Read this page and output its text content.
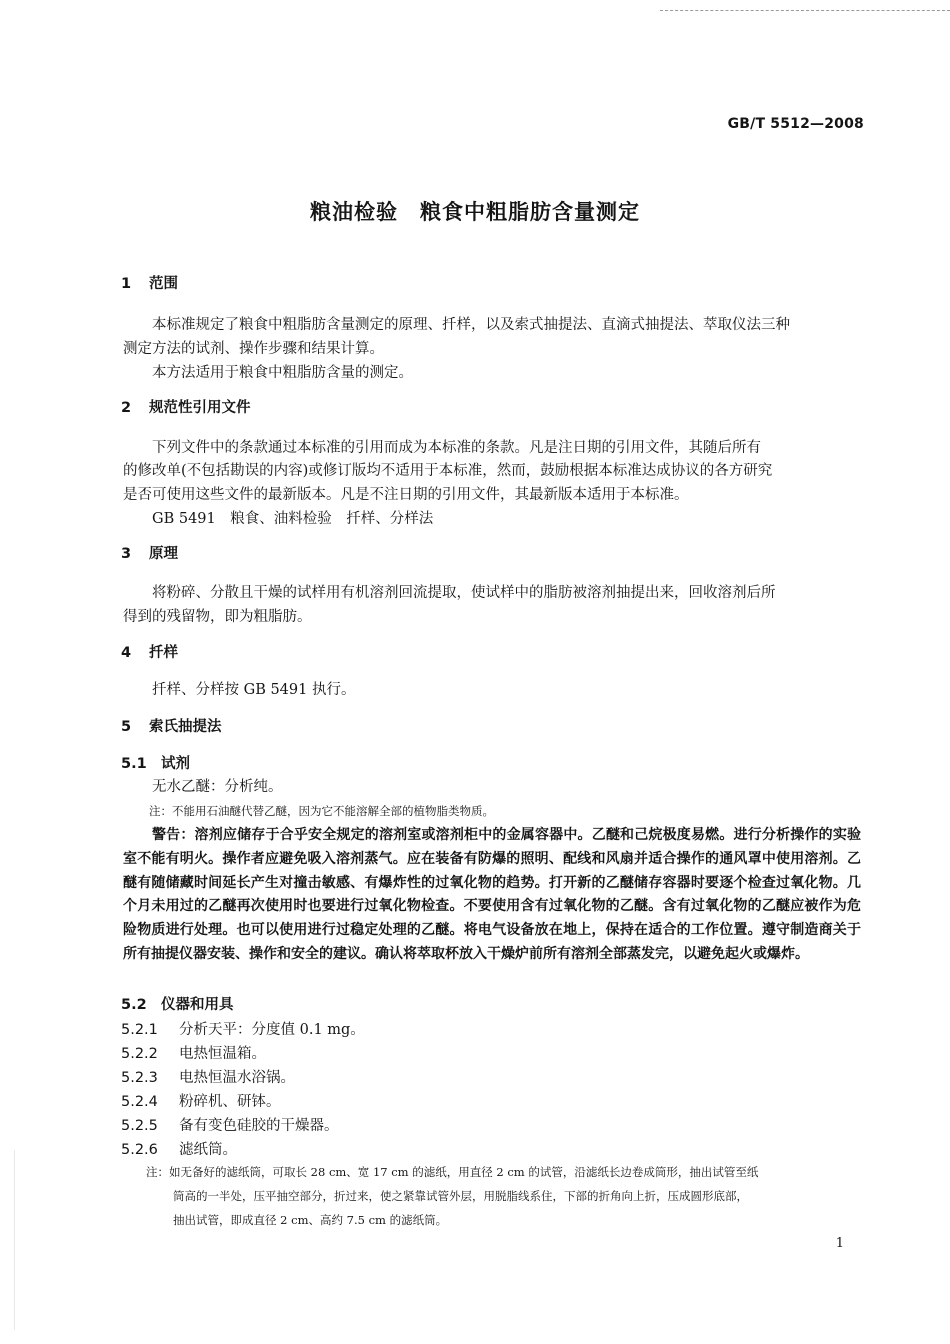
GB/T 5512—2008
粮油检验　粮食中粗脂肪含量测定
1 范围
本标准规定了粮食中粗脂肪含量测定的原理、扦样，以及索式抽提法、直滴式抽提法、萃取仪法三种
测定方法的试剂、操作步骤和结果计算。
本方法适用于粮食中粗脂肪含量的测定。
2 规范性引用文件
下列文件中的条款通过本标准的引用而成为本标准的条款。凡是注日期的引用文件，其随后所有
的修改单(不包括勘误的内容)或修订版均不适用于本标准，然而，鼓励根据本标准达成协议的各方研究
是否可使用这些文件的最新版本。凡是不注日期的引用文件，其最新版本适用于本标准。
GB 5491　粮食、油料检验　扦样、分样法
3 原理
将粉碎、分散且干燥的试样用有机溶剂回流提取，使试样中的脂肪被溶剂抽提出来，回收溶剂后所
得到的残留物，即为粗脂肪。
4 扦样
扦样、分样按 GB 5491 执行。
5 索氏抽提法
5.1 试剂
无水乙醚：分析纯。
注：不能用石油醚代替乙醚，因为它不能溶解全部的植物脂类物质。
警告：溶剂应储存于合乎安全规定的溶剂室或溶剂柜中的金属容器中。乙醚和己烷极度易燃。进行分析操作的实验室不能有明火。操作者应避免吸入溶剂蒸气。应在装备有防爆的照明、配线和风扇并适合操作的通风罩中使用溶剂。乙醚有随储藏时间延长产生对撞击敏感、有爆炸性的过氧化物的趋势。打开新的乙醚储存容器时要逐个检查过氧化物。几个月未用过的乙醚再次使用时也要进行过氧化物检查。不要使用含有过氧化物的乙醚。含有过氧化物的乙醚应被作为危险物质进行处理。也可以使用进行过稳定处理的乙醚。将电气设备放在地上，保持在适合的工作位置。遵守制造商关于所有抽提仪器安装、操作和安全的建议。确认将萃取杯放入干燥炉前所有溶剂全部蒸发完，以避免起火或爆炸。
5.2 仪器和用具
5.2.1 分析天平：分度值 0.1 mg。
5.2.2 电热恒温箱。
5.2.3 电热恒温水浴锅。
5.2.4 粉碎机、研钵。
5.2.5 备有变色硅胶的干燥器。
5.2.6 滤纸筒。
注：如无备好的滤纸筒，可取长 28 cm、宽 17 cm 的滤纸，用直径 2 cm 的试管，沿滤纸长边卷成筒形，抽出试管至纸
筒高的一半处，压平抽空部分，折过来，使之紧靠试管外层，用脱脂线系住，下部的折角向上折，压成圆形底部，
抽出试管，即成直径 2 cm、高约 7.5 cm 的滤纸筒。
1
